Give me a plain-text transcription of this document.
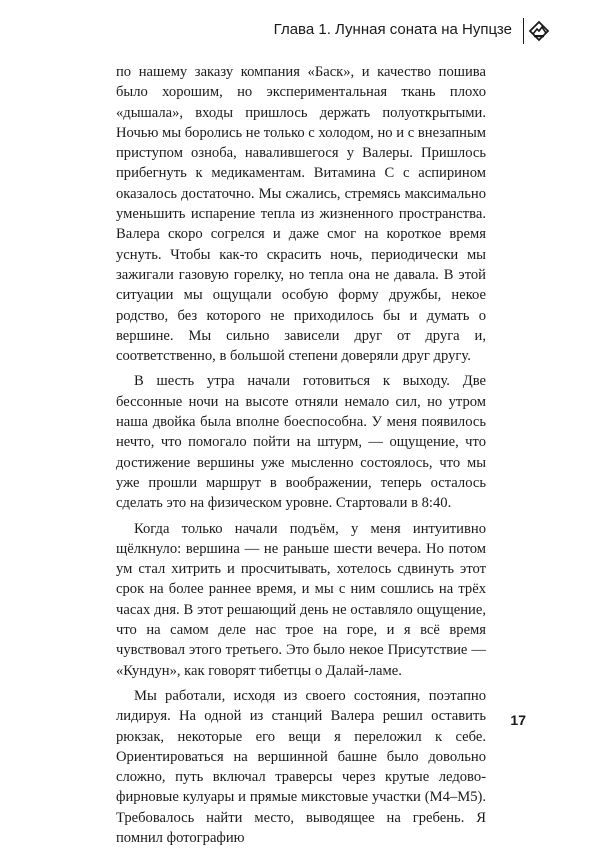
Глава 1. Лунная соната на Нупцзе

по нашему заказу компания «Баск», и качество пошива было хорошим, но экспериментальная ткань плохо «дышала», входы пришлось держать полуоткрытыми. Ночью мы боролись не только с холодом, но и с внезапным приступом озноба, навалившегося у Валеры. Пришлось прибегнуть к медикаментам. Витамина С с аспирином оказалось достаточно. Мы сжались, стремясь максимально уменьшить испарение тепла из жизненного пространства. Валера скоро согрелся и даже смог на короткое время уснуть. Чтобы как-то скрасить ночь, периодически мы зажигали газовую горелку, но тепла она не давала. В этой ситуации мы ощущали особую форму дружбы, некое родство, без которого не приходилось бы и думать о вершине. Мы сильно зависели друг от друга и, соответственно, в большой степени доверяли друг другу.

В шесть утра начали готовиться к выходу. Две бессонные ночи на высоте отняли немало сил, но утром наша двойка была вполне боеспособна. У меня появилось нечто, что помогало пойти на штурм, — ощущение, что достижение вершины уже мысленно состоялось, что мы уже прошли маршрут в воображении, теперь осталось сделать это на физическом уровне. Стартовали в 8:40.

Когда только начали подъём, у меня интуитивно щёлкнуло: вершина — не раньше шести вечера. Но потом ум стал хитрить и просчитывать, хотелось сдвинуть этот срок на более раннее время, и мы с ним сошлись на трёх часах дня. В этот решающий день не оставляло ощущение, что на самом деле нас трое на горе, и я всё время чувствовал этого третьего. Это было некое Присутствие — «Кундун», как говорят тибетцы о Далай-ламе.

Мы работали, исходя из своего состояния, поэтапно лидируя. На одной из станций Валера решил оставить рюкзак, некоторые его вещи я переложил к себе. Ориентироваться на вершинной башне было довольно сложно, путь включал траверсы через крутые ледово-фирновые кулуары и прямые микстовые участки (М4–М5). Требовалось найти место, выводящее на гребень. Я помнил фотографию

17
